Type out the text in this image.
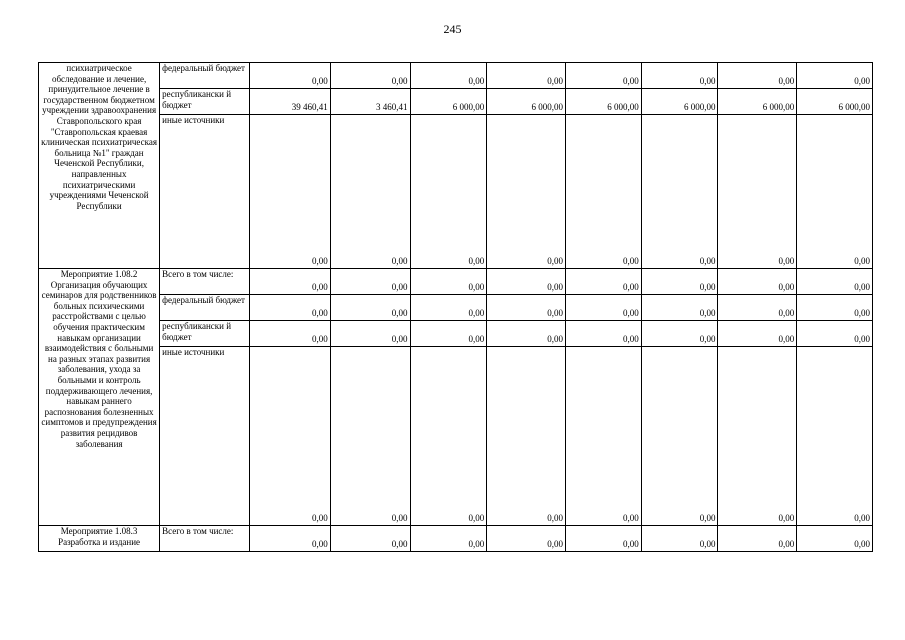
245
психиатрическое обследование и лечение, принудительное лечение в государственном бюджетном учреждении здравоохранения Ставропольского края "Ставропольская краевая клиническая психиатрическая больница №1" граждан Чеченской Республики, направленных психиатрическими учреждениями Чеченской Республики	федеральный бюджет	0,00	0,00	0,00	0,00	0,00	0,00	0,00	0,00
	республикански й бюджет	39 460,41	3 460,41	6 000,00	6 000,00	6 000,00	6 000,00	6 000,00	6 000,00
	иные источники	0,00	0,00	0,00	0,00	0,00	0,00	0,00	0,00
Мероприятие 1.08.2 Организация обучающих семинаров для родственников больных психическими расстройствами с целью обучения практическим навыкам организации взаимодействия с больными на разных этапах развития заболевания, ухода за больными и контроль поддерживающего лечения, навыкам раннего распознования болезненных симптомов и предупреждения развития рецидивов заболевания	Всего в том числе:	0,00	0,00	0,00	0,00	0,00	0,00	0,00	0,00
	федеральный бюджет	0,00	0,00	0,00	0,00	0,00	0,00	0,00	0,00
	республикански й бюджет	0,00	0,00	0,00	0,00	0,00	0,00	0,00	0,00
	иные источники	0,00	0,00	0,00	0,00	0,00	0,00	0,00	0,00
Мероприятие 1.08.3 Разработка и издание	Всего в том числе:	0,00	0,00	0,00	0,00	0,00	0,00	0,00	0,00
